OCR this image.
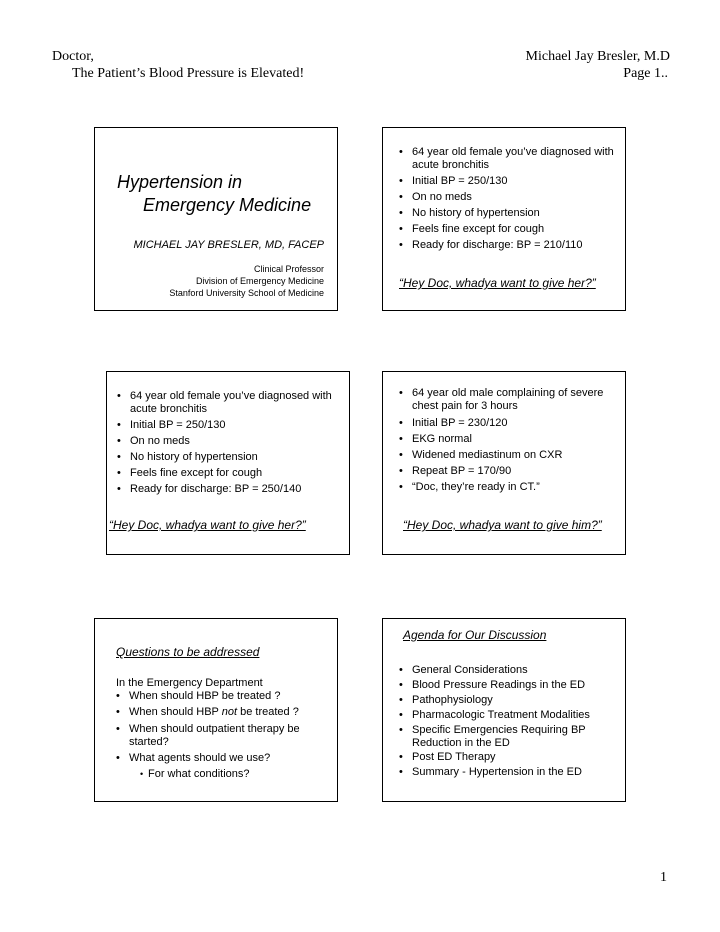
Doctor,
The Patient’s Blood Pressure is Elevated!
Michael Jay Bresler, M.D
Page 1..
Hypertension in
Emergency Medicine
MICHAEL JAY BRESLER, MD, FACEP
Clinical Professor
Division of Emergency Medicine
Stanford University School of Medicine
• 64 year old female you’ve diagnosed with acute bronchitis
• Initial BP = 250/130
• On no meds
• No history of hypertension
• Feels fine except for cough
• Ready for discharge: BP = 210/110
“Hey Doc, whadya want to give her?”
• 64 year old female you’ve diagnosed with acute bronchitis
• Initial BP = 250/130
• On no meds
• No history of hypertension
• Feels fine except for cough
• Ready for discharge: BP = 250/140
“Hey Doc, whadya want to give her?”
• 64 year old male complaining of severe chest pain for 3 hours
• Initial BP = 230/120
• EKG normal
• Widened mediastinum on CXR
• Repeat BP = 170/90
• “Doc, they’re ready in CT.”
“Hey Doc, whadya want to give him?”
Questions to be addressed
In the Emergency Department
• When should HBP be treated ?
• When should HBP not be treated ?
• When should outpatient therapy be started?
• What agents should we use?
• For what conditions?
Agenda for Our Discussion
• General Considerations
• Blood Pressure Readings in the ED
• Pathophysiology
• Pharmacologic Treatment Modalities
• Specific Emergencies Requiring BP Reduction in the ED
• Post ED Therapy
• Summary - Hypertension in the ED
1
